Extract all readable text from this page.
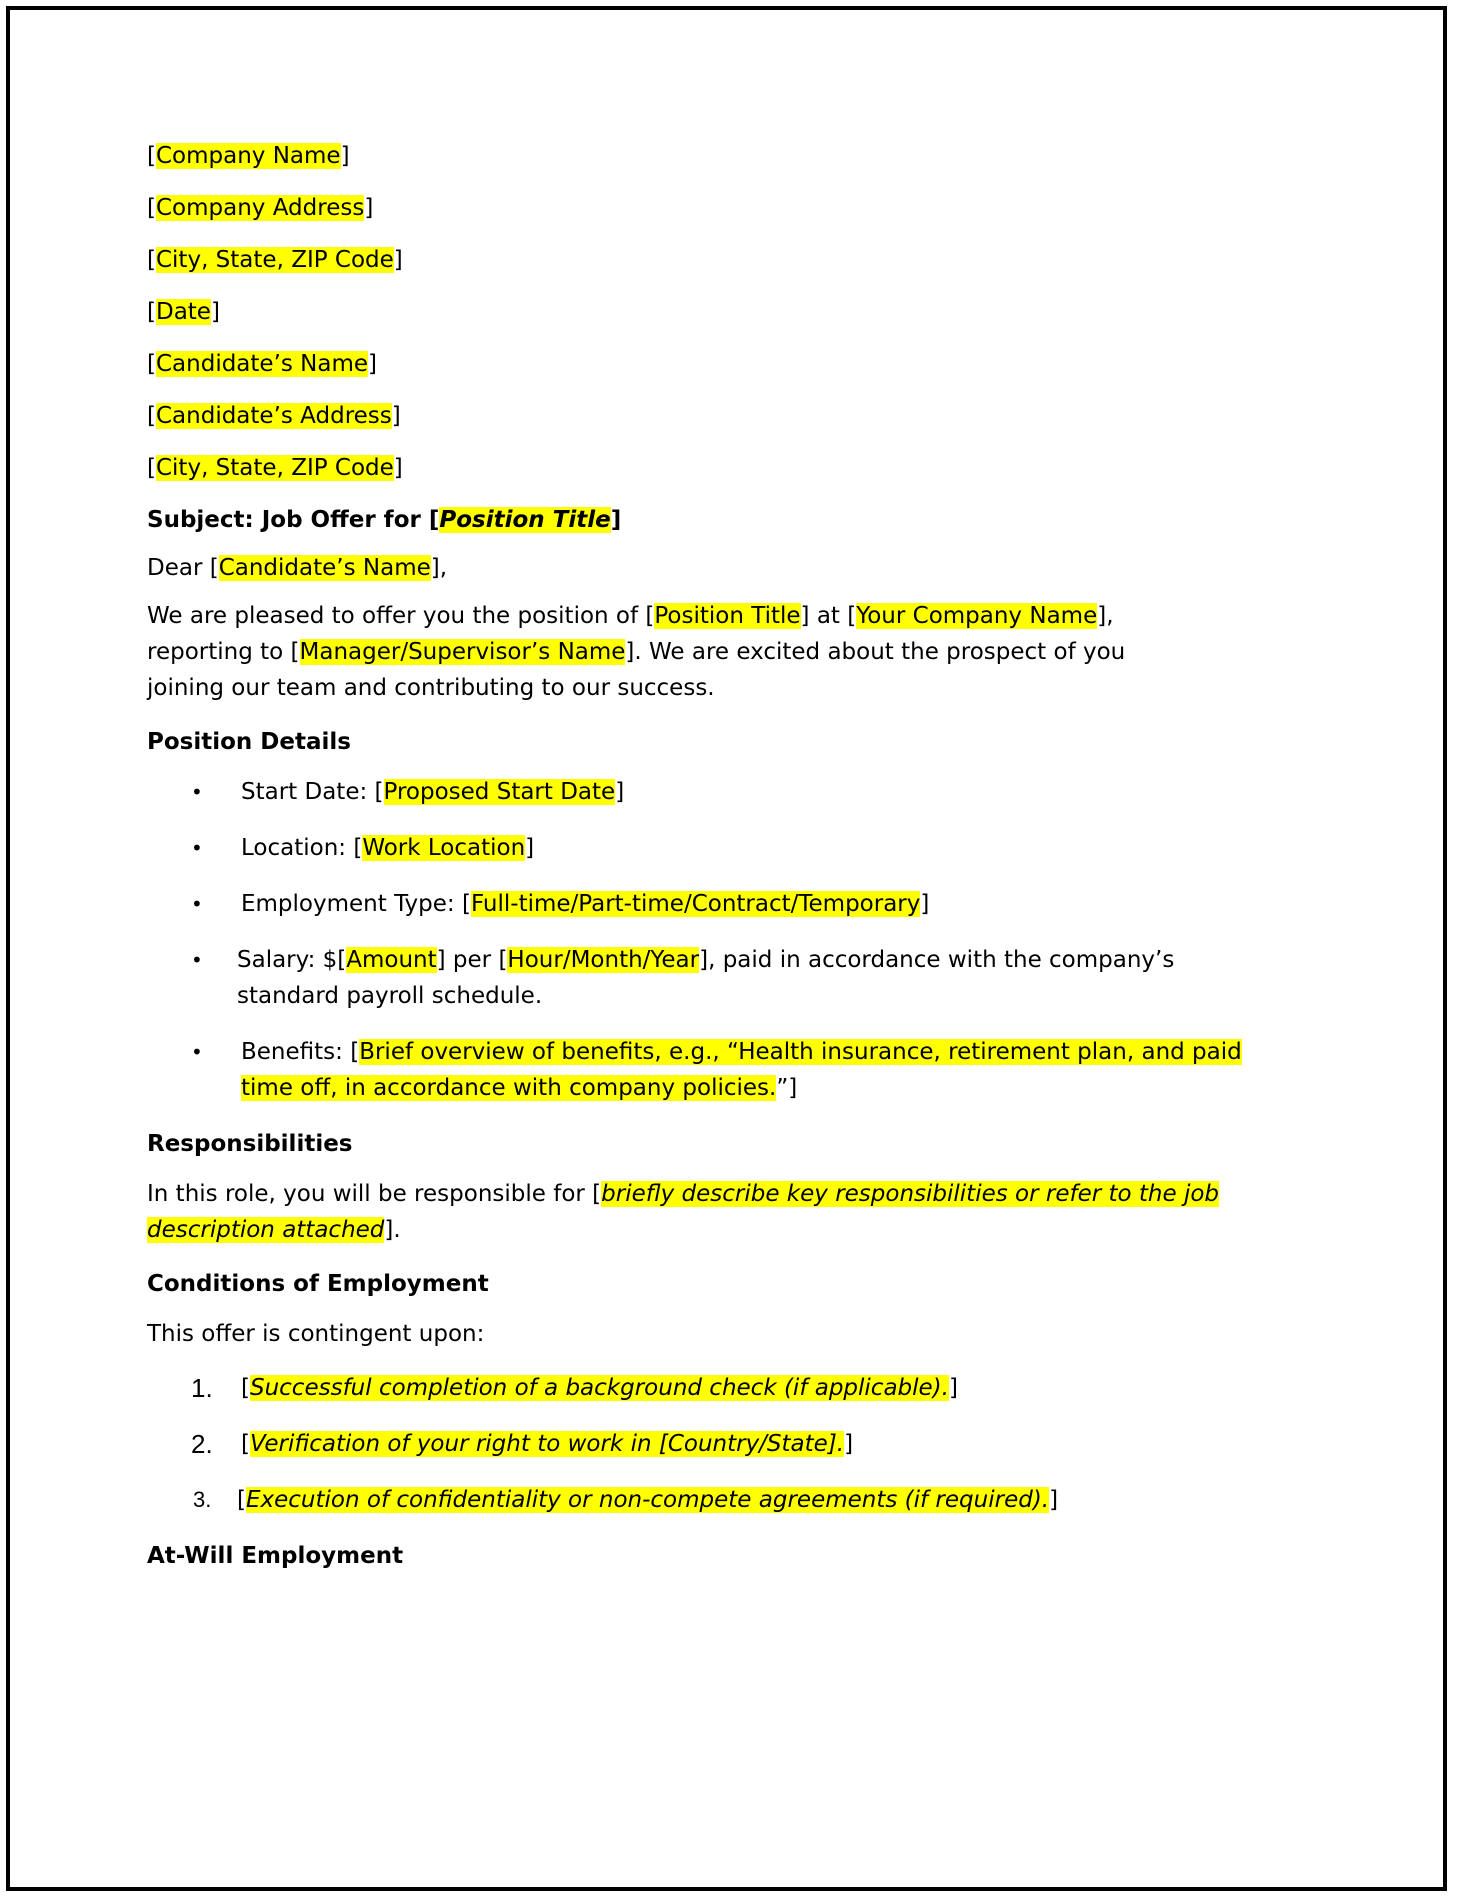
[Company Name]
[Company Address]
[City, State, ZIP Code]
[Date]
[Candidate’s Name]
[Candidate’s Address]
[City, State, ZIP Code]
Subject: Job Offer for [Position Title]
Dear [Candidate’s Name],
We are pleased to offer you the position of [Position Title] at [Your Company Name], reporting to [Manager/Supervisor’s Name]. We are excited about the prospect of you joining our team and contributing to our success.
Position Details
• Start Date: [Proposed Start Date]
• Location: [Work Location]
• Employment Type: [Full-time/Part-time/Contract/Temporary]
• Salary: $[Amount] per [Hour/Month/Year], paid in accordance with the company’s standard payroll schedule.
• Benefits: [Brief overview of benefits, e.g., “Health insurance, retirement plan, and paid time off, in accordance with company policies.”]
Responsibilities
In this role, you will be responsible for [briefly describe key responsibilities or refer to the job description attached].
Conditions of Employment
This offer is contingent upon:
1. [Successful completion of a background check (if applicable).]
2. [Verification of your right to work in [Country/State].]
3. [Execution of confidentiality or non-compete agreements (if required).]
At-Will Employment
